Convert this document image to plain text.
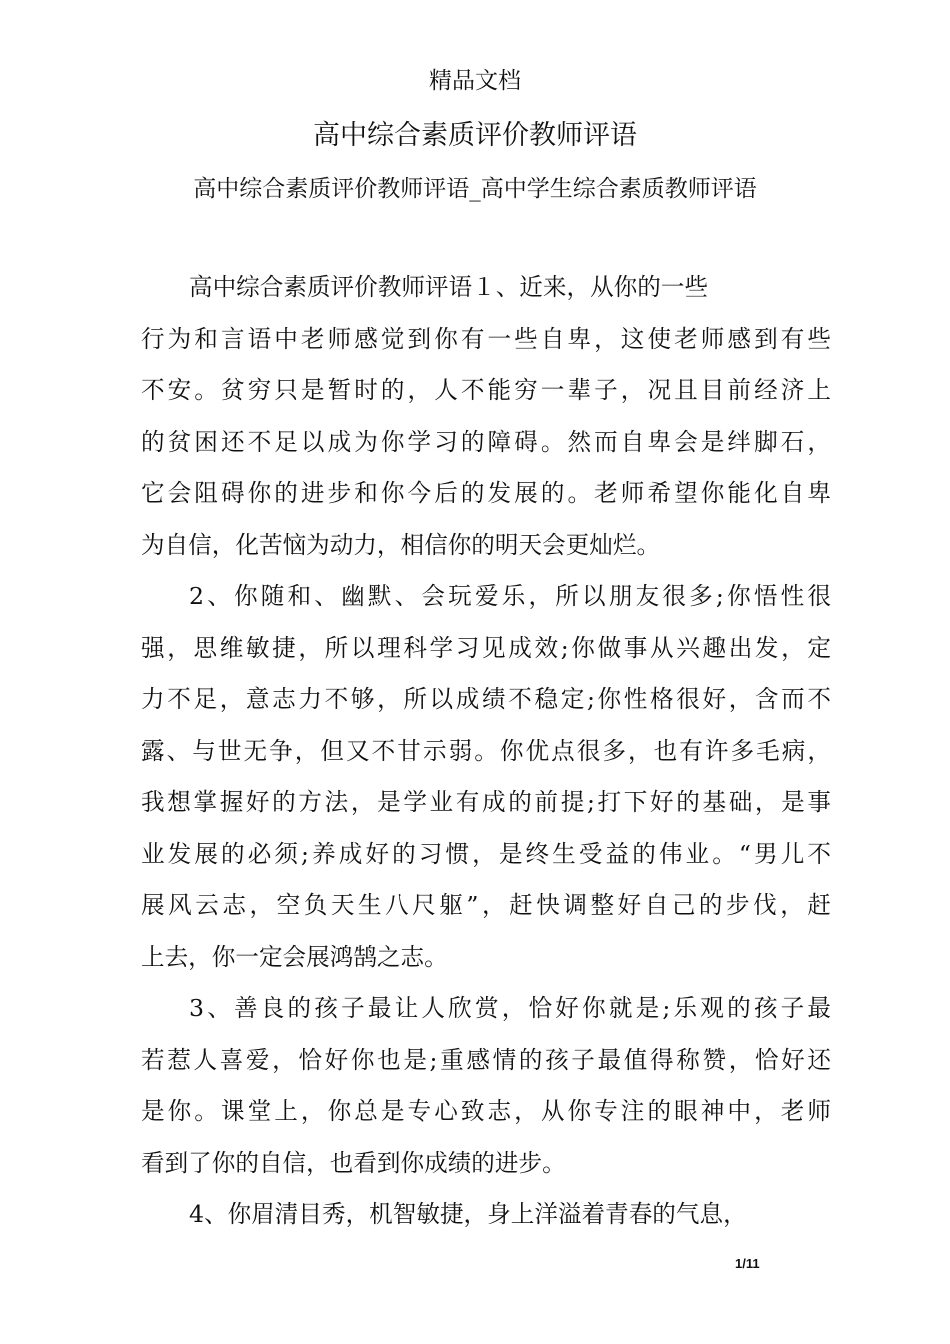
精品文档
高中综合素质评价教师评语
高中综合素质评价教师评语_高中学生综合素质教师评语
高中综合素质评价教师评语１、近来，从你的一些
行为和言语中老师感觉到你有一些自卑，这使老师感到有些
不安。贫穷只是暂时的，人不能穷一辈子，况且目前经济上
的贫困还不足以成为你学习的障碍。然而自卑会是绊脚石，
它会阻碍你的进步和你今后的发展的。老师希望你能化自卑
为自信，化苦恼为动力，相信你的明天会更灿烂。
2、你随和、幽默、会玩爱乐，所以朋友很多;你悟性很
强，思维敏捷，所以理科学习见成效;你做事从兴趣出发，定
力不足，意志力不够，所以成绩不稳定;你性格很好，含而不
露、与世无争，但又不甘示弱。你优点很多，也有许多毛病，
我想掌握好的方法，是学业有成的前提;打下好的基础，是事
业发展的必须;养成好的习惯，是终生受益的伟业。“男儿不
展风云志，空负天生八尺躯”，赶快调整好自己的步伐，赶
上去，你一定会展鸿鹄之志。
3、善良的孩子最让人欣赏，恰好你就是;乐观的孩子最
若惹人喜爱，恰好你也是;重感情的孩子最值得称赞，恰好还
是你。课堂上，你总是专心致志，从你专注的眼神中，老师
看到了你的自信，也看到你成绩的进步。
4、你眉清目秀，机智敏捷，身上洋溢着青春的气息，
1/11
